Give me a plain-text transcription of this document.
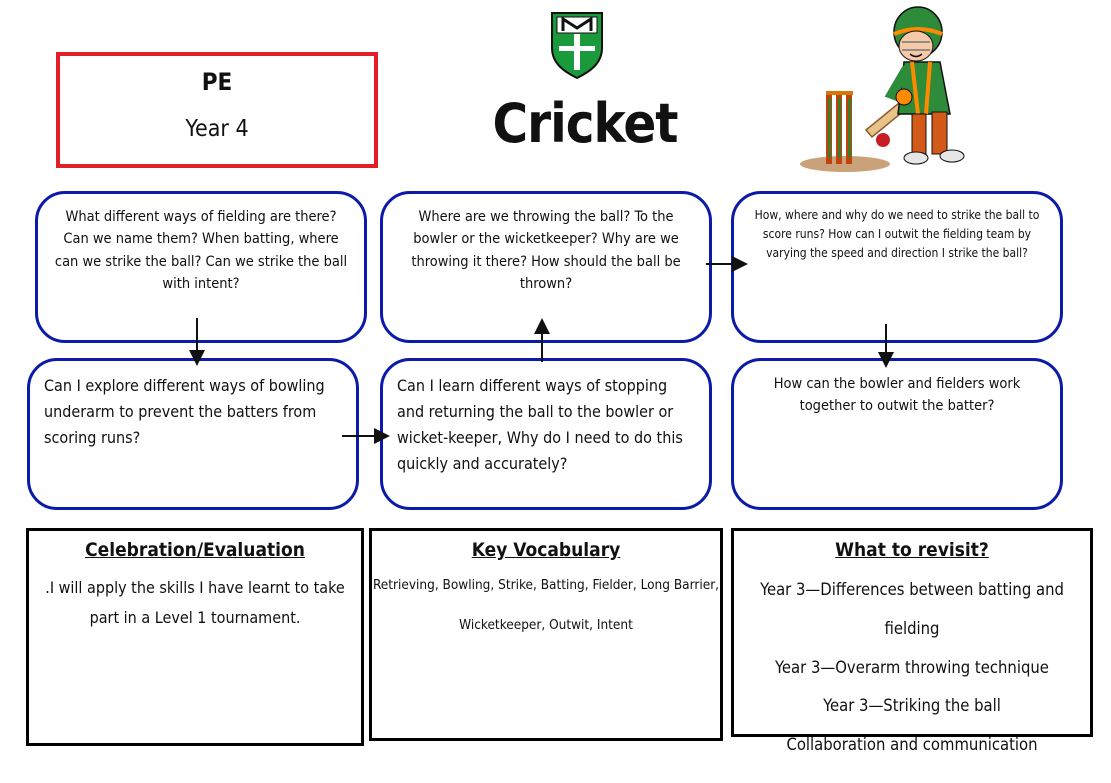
PE
Year 4	Cricket
What different ways of fielding are there? Can we name them? When batting, where can we strike the ball? Can we strike the ball with intent?
Where are we throwing the ball? To the bowler or the wicketkeeper? Why are we throwing it there? How should the ball be thrown?
How, where and why do we need to strike the ball to score runs? How can I outwit the fielding team by varying the speed and direction I strike the ball?
Can I explore different ways of bowling underarm to prevent the batters from scoring runs?
Can I learn different ways of stopping and returning the ball to the bowler or wicket-keeper, Why do I need to do this quickly and accurately?
How can the bowler and fielders work together to outwit the batter?
Celebration/Evaluation
.I will apply the skills I have learnt to take part in a Level 1 tournament.
Key Vocabulary
Retrieving, Bowling, Strike, Batting, Fielder, Long Barrier,
Wicketkeeper, Outwit, Intent
What to revisit?
Year 3—Differences between batting and fielding
Year 3—Overarm throwing technique
Year 3—Striking the ball
Collaboration and communication
